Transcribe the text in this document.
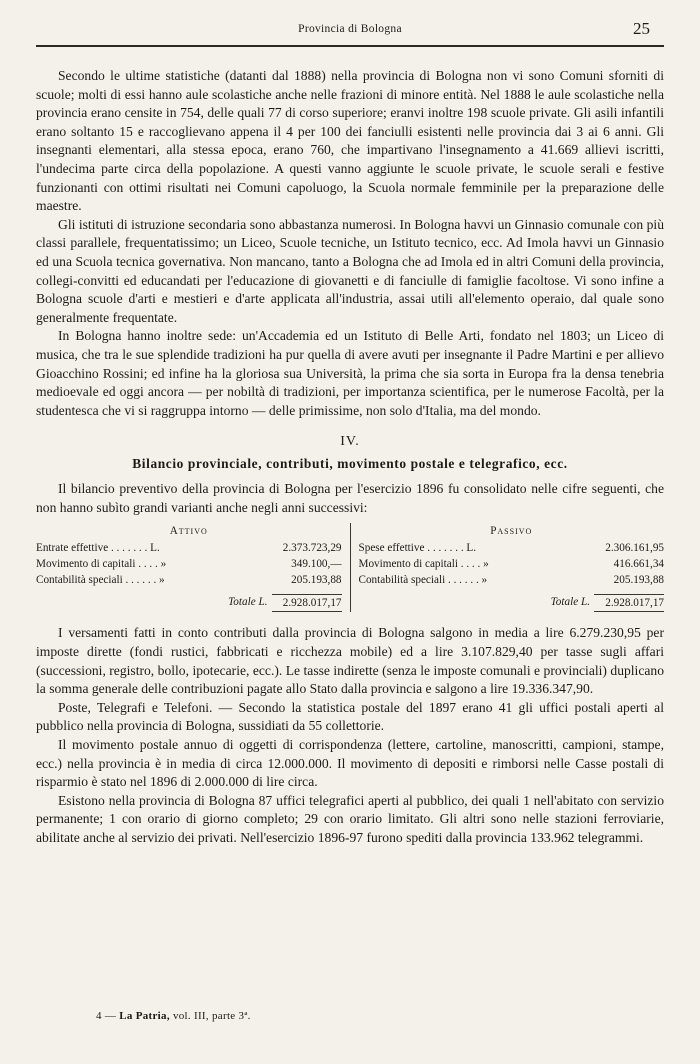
Provincia di Bologna	25

Secondo le ultime statistiche (datanti dal 1888) nella provincia di Bologna non vi sono Comuni sforniti di scuole; molti di essi hanno aule scolastiche anche nelle frazioni di minore entità. Nel 1888 le aule scolastiche nella provincia erano censite in 754, delle quali 77 di corso superiore; eranvi inoltre 198 scuole private. Gli asili infantili erano soltanto 15 e raccoglievano appena il 4 per 100 dei fanciulli esistenti nelle provincia dai 3 ai 6 anni. Gli insegnanti elementari, alla stessa epoca, erano 760, che impartivano l'insegnamento a 41.669 allievi iscritti, l'undecima parte circa della popolazione. A questi vanno aggiunte le scuole private, le scuole serali e festive funzionanti con ottimi risultati nei Comuni capoluogo, la Scuola normale femminile per la preparazione delle maestre.

Gli istituti di istruzione secondaria sono abbastanza numerosi. In Bologna havvi un Ginnasio comunale con più classi parallele, frequentatissimo; un Liceo, Scuole tecniche, un Istituto tecnico, ecc. Ad Imola havvi un Ginnasio ed una Scuola tecnica governativa. Non mancano, tanto a Bologna che ad Imola ed in altri Comuni della provincia, collegi-convitti ed educandati per l'educazione di giovanetti e di fanciulle di famiglie facoltose. Vi sono infine a Bologna scuole d'arti e mestieri e d'arte applicata all'industria, assai utili all'elemento operaio, dal quale sono generalmente frequentate.

In Bologna hanno inoltre sede: un'Accademia ed un Istituto di Belle Arti, fondato nel 1803; un Liceo di musica, che tra le sue splendide tradizioni ha pur quella di avere avuti per insegnante il Padre Martini e per allievo Gioacchino Rossini; ed infine ha la gloriosa sua Università, la prima che sia sorta in Europa fra la densa tenebria medioevale ed oggi ancora — per nobiltà di tradizioni, per importanza scientifica, per le numerose Facoltà, per la studentesca che vi si raggruppa intorno — delle primissime, non solo d'Italia, ma del mondo.

IV.
Bilancio provinciale, contributi, movimento postale e telegrafico, ecc.

Il bilancio preventivo della provincia di Bologna per l'esercizio 1896 fu consolidato nelle cifre seguenti, che non hanno subìto grandi varianti anche negli anni successivi:

Attivo
Entrate effettive . . . . . . . L.	2.373.723,29
Movimento di capitali . . . . »	349.100,—
Contabilità speciali . . . . . . »	205.193,88
Totale L.	2.928.017,17
Passivo
Spese effettive . . . . . . . L.	2.306.161,95
Movimento di capitali . . . . »	416.661,34
Contabilità speciali . . . . . . »	205.193,88
Totale L.	2.928.017,17

I versamenti fatti in conto contributi dalla provincia di Bologna salgono in media a lire 6.279.230,95 per imposte dirette (fondi rustici, fabbricati e ricchezza mobile) ed a lire 3.107.829,40 per tasse sugli affari (successioni, registro, bollo, ipotecarie, ecc.). Le tasse indirette (senza le imposte comunali e provinciali) duplicano la somma generale delle contribuzioni pagate allo Stato dalla provincia e salgono a lire 19.336.347,90.

Poste, Telegrafi e Telefoni. — Secondo la statistica postale del 1897 erano 41 gli uffici postali aperti al pubblico nella provincia di Bologna, sussidiati da 55 collettorie.

Il movimento postale annuo di oggetti di corrispondenza (lettere, cartoline, manoscritti, campioni, stampe, ecc.) nella provincia è in media di circa 12.000.000. Il movimento di depositi e rimborsi nelle Casse postali di risparmio è stato nel 1896 di 2.000.000 di lire circa.

Esistono nella provincia di Bologna 87 uffici telegrafici aperti al pubblico, dei quali 1 nell'abitato con servizio permanente; 1 con orario di giorno completo; 29 con orario limitato. Gli altri sono nelle stazioni ferroviarie, abilitate anche al servizio dei privati. Nell'esercizio 1896-97 furono spediti dalla provincia 133.962 telegrammi.

4 — La Patria, vol. III, parte 3ª.
